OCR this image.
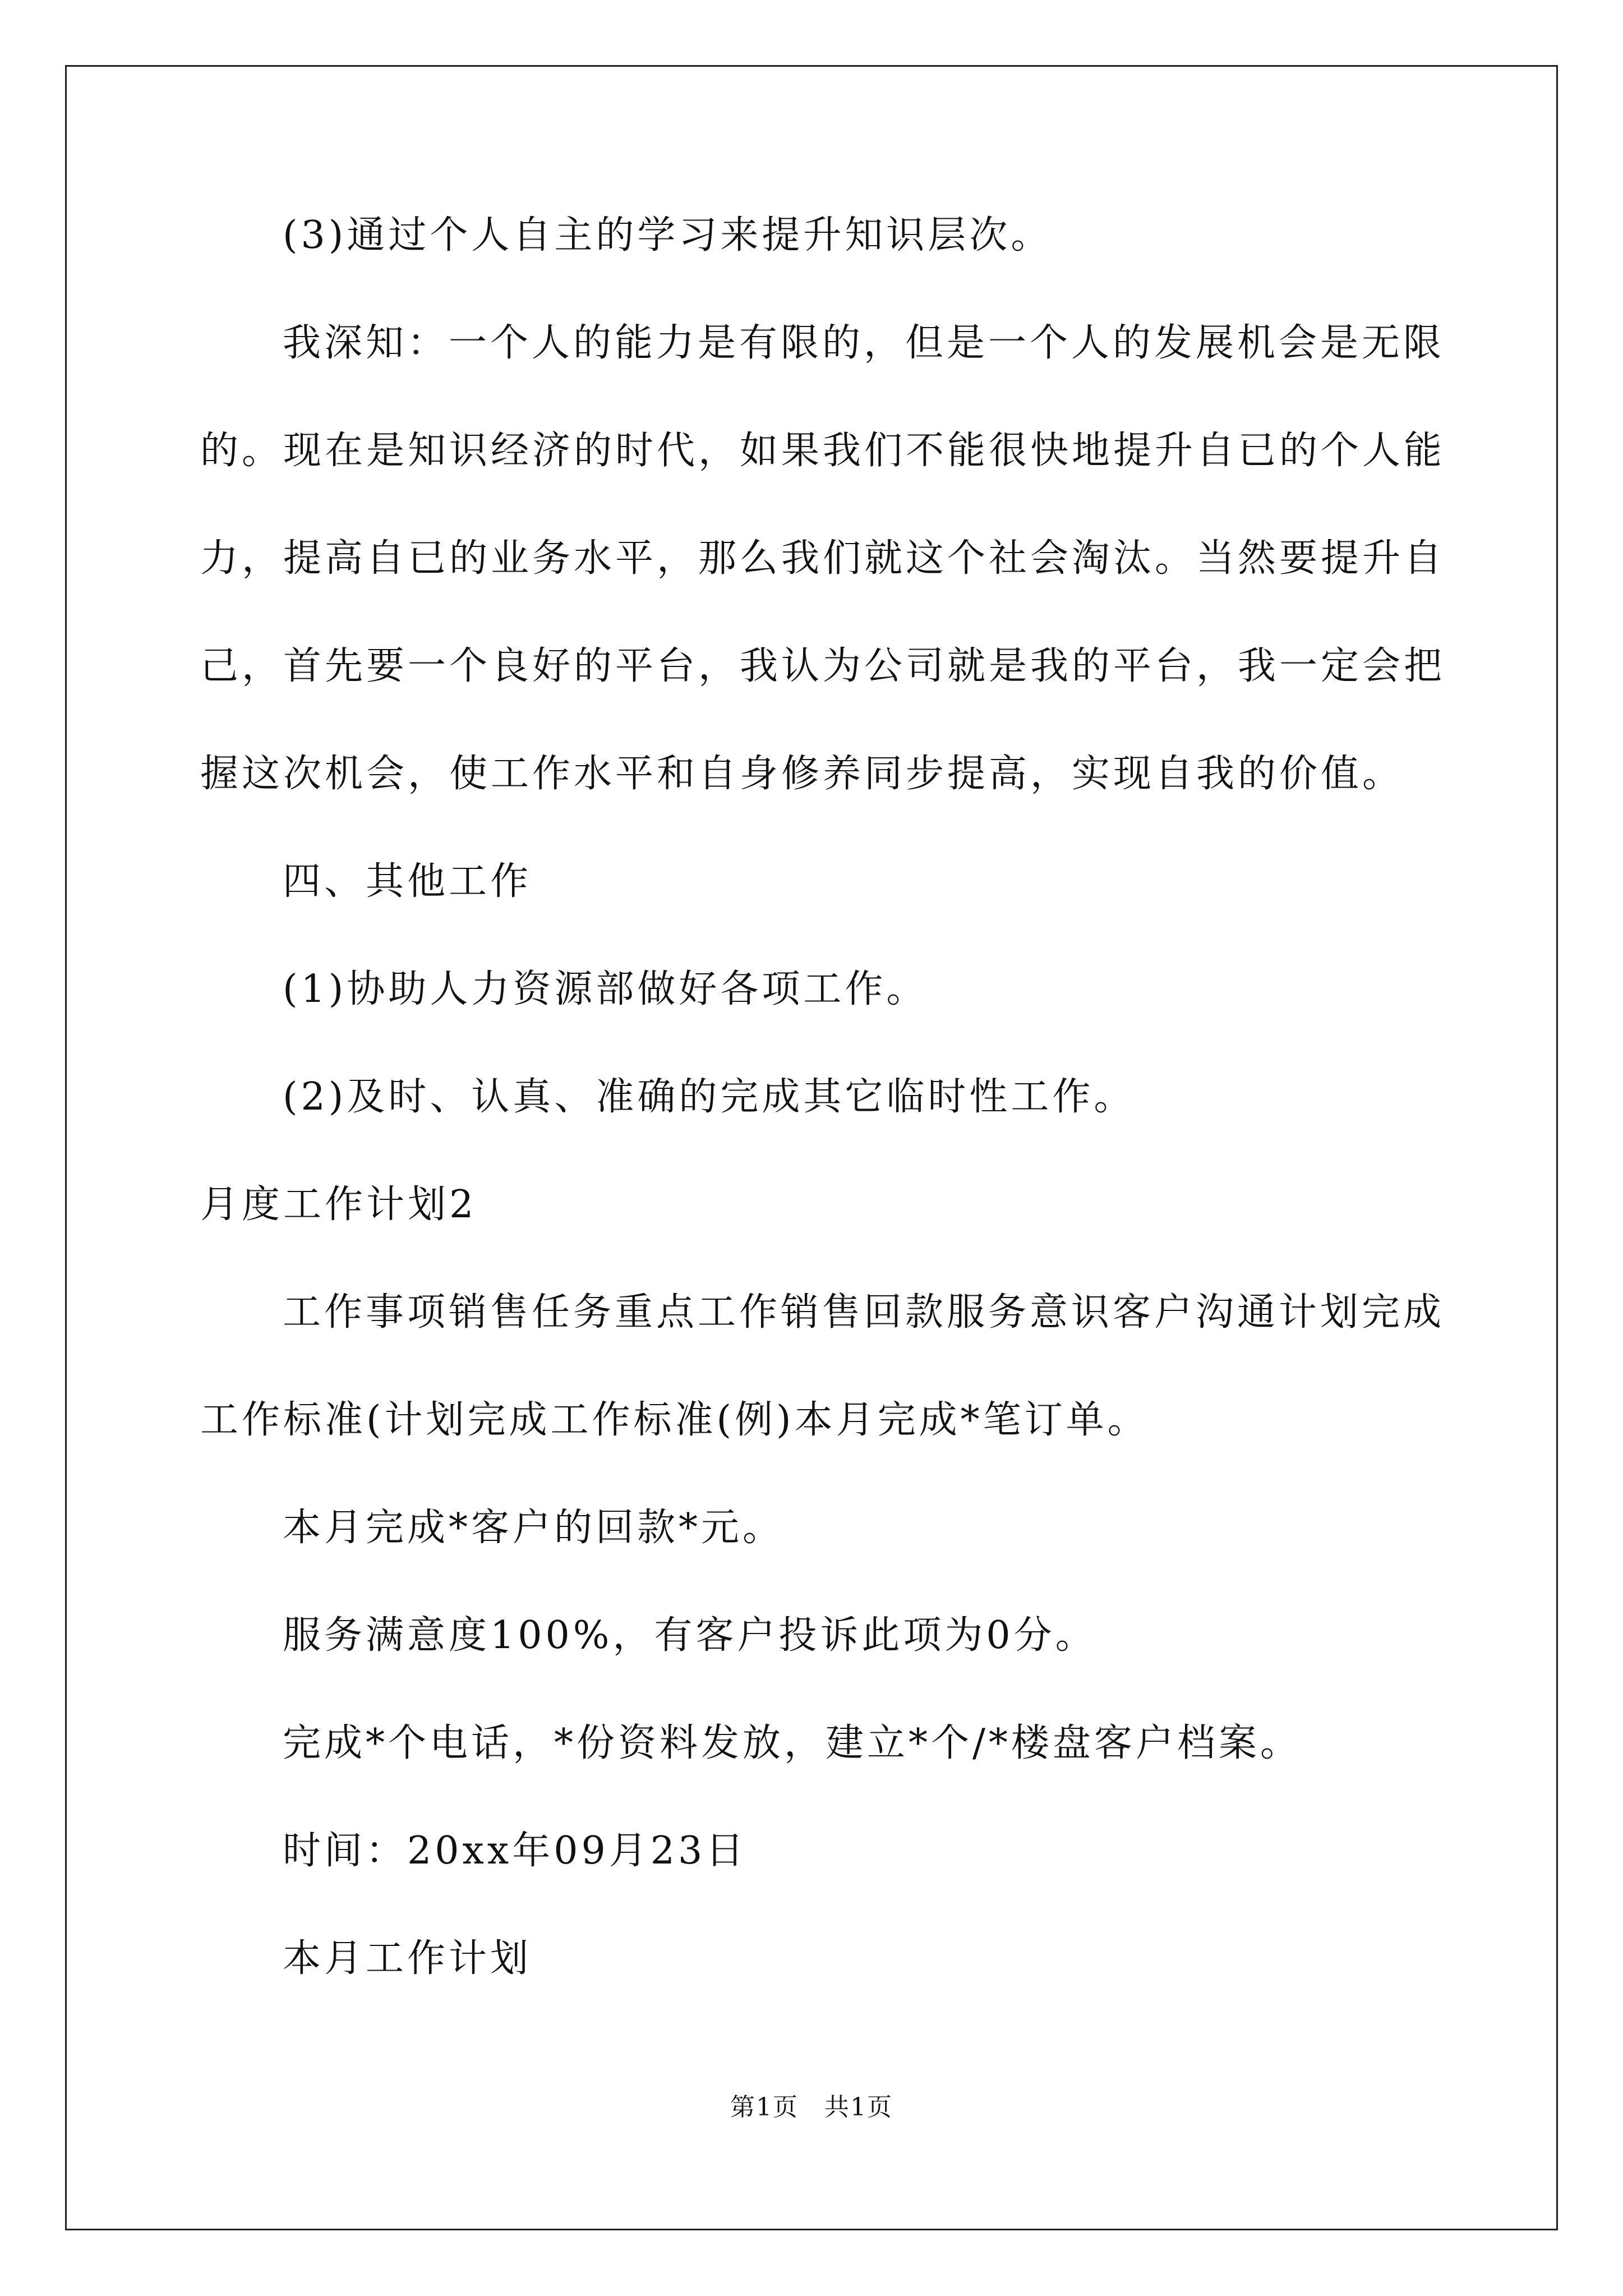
(3)通过个人自主的学习来提升知识层次。
我深知：一个人的能力是有限的，但是一个人的发展机会是无限
的。现在是知识经济的时代，如果我们不能很快地提升自已的个人能
力，提高自已的业务水平，那么我们就这个社会淘汰。当然要提升自
己，首先要一个良好的平台，我认为公司就是我的平台，我一定会把
握这次机会，使工作水平和自身修养同步提高，实现自我的价值。
四、其他工作
(1)协助人力资源部做好各项工作。
(2)及时、认真、准确的完成其它临时性工作。
月度工作计划2
工作事项销售任务重点工作销售回款服务意识客户沟通计划完成
工作标准(计划完成工作标准(例)本月完成*笔订单。
本月完成*客户的回款*元。
服务满意度100%，有客户投诉此项为0分。
完成*个电话，*份资料发放，建立*个/*楼盘客户档案。
时间：20xx年09月23日
本月工作计划
第1页　共1页
